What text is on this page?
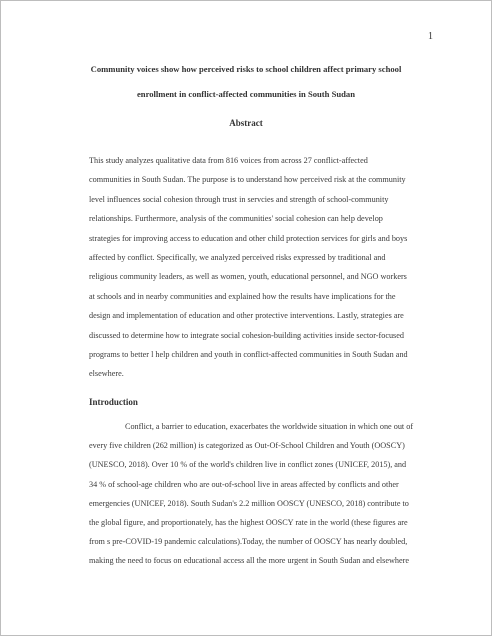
1
Community voices show how perceived risks to school children affect primary school
enrollment in conflict-affected communities in South Sudan
Abstract
This study analyzes qualitative data from 816 voices from across 27 conflict-affected
communities in South Sudan. The purpose is to understand how perceived risk at the community
level influences social cohesion through trust in servcies and strength of school-community
relationships. Furthermore, analysis of the communities' social cohesion can help develop
strategies for improving access to education and other child protection services for girls and boys
affected by conflict. Specifically, we analyzed perceived risks expressed by traditional and
religious community leaders, as well as women, youth, educational personnel, and NGO workers
at schools and in nearby communities and explained how the results have implications for the
design and implementation of education and other protective interventions. Lastly, strategies are
discussed to determine how to integrate social cohesion-building activities inside sector-focused
programs to better l help children and youth in conflict-affected communities in South Sudan and
elsewhere.
Introduction
Conflict, a barrier to education, exacerbates the worldwide situation in which one out of
every five children (262 million) is categorized as Out-Of-School Children and Youth (OOSCY)
(UNESCO, 2018). Over 10 % of the world's children live in conflict zones (UNICEF, 2015), and
34 % of school-age children who are out-of-school live in areas affected by conflicts and other
emergencies (UNICEF, 2018). South Sudan's 2.2 million OOSCY (UNESCO, 2018) contribute to
the global figure, and proportionately, has the highest OOSCY rate in the world (these figures are
from s pre-COVID-19 pandemic calculations).Today, the number of OOSCY has nearly doubled,
making the need to focus on educational access all the more urgent in South Sudan and elsewhere
